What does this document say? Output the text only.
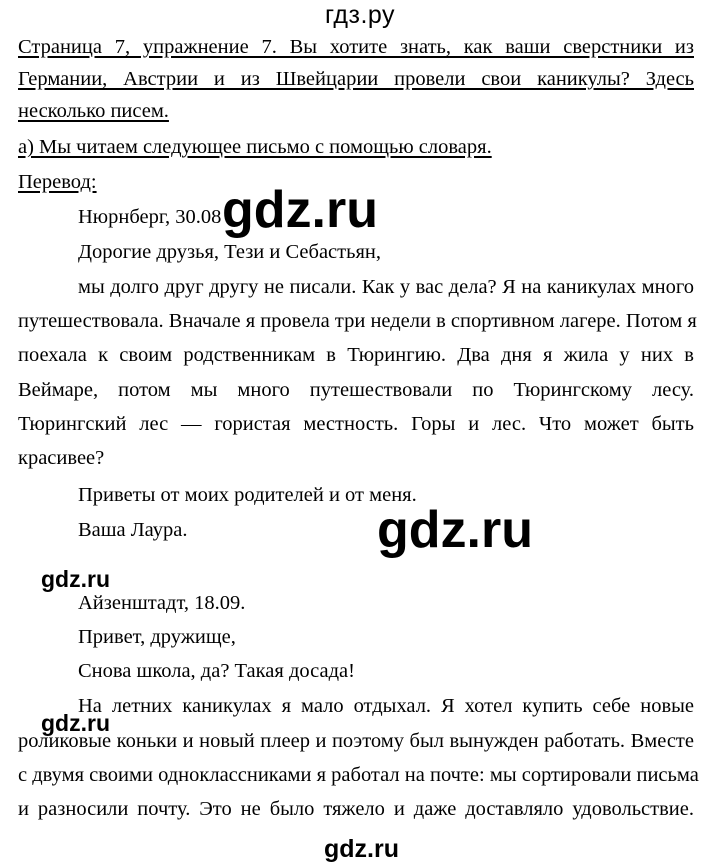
гдз.ру
Страница 7, упражнение 7. Вы хотите знать, как ваши сверстники из
Германии, Австрии и из Швейцарии провели свои каникулы? Здесь
несколько писем.
а) Мы читаем следующее письмо с помощью словаря.
Перевод:
Нюрнберг, 30.08
Дорогие друзья, Тези и Себастьян,
мы долго друг другу не писали. Как у вас дела? Я на каникулах много
путешествовала. Вначале я провела три недели в спортивном лагере. Потом я
поехала к своим родственникам в Тюрингию. Два дня я жила у них в
Веймаре, потом мы много путешествовали по Тюрингскому лесу.
Тюрингский лес — гористая местность. Горы и лес. Что может быть
красивее?
Приветы от моих родителей и от меня.
Ваша Лаура.
Айзенштадт, 18.09.
Привет, дружище,
Снова школа, да? Такая досада!
На летних каникулах я мало отдыхал. Я хотел купить себе новые
роликовые коньки и новый плеер и поэтому был вынужден работать. Вместе
с двумя своими одноклассниками я работал на почте: мы сортировали письма
и разносили почту. Это не было тяжело и даже доставляло удовольствие.
gdz.ru
gdz.ru
gdz.ru
gdz.ru
gdz.ru
